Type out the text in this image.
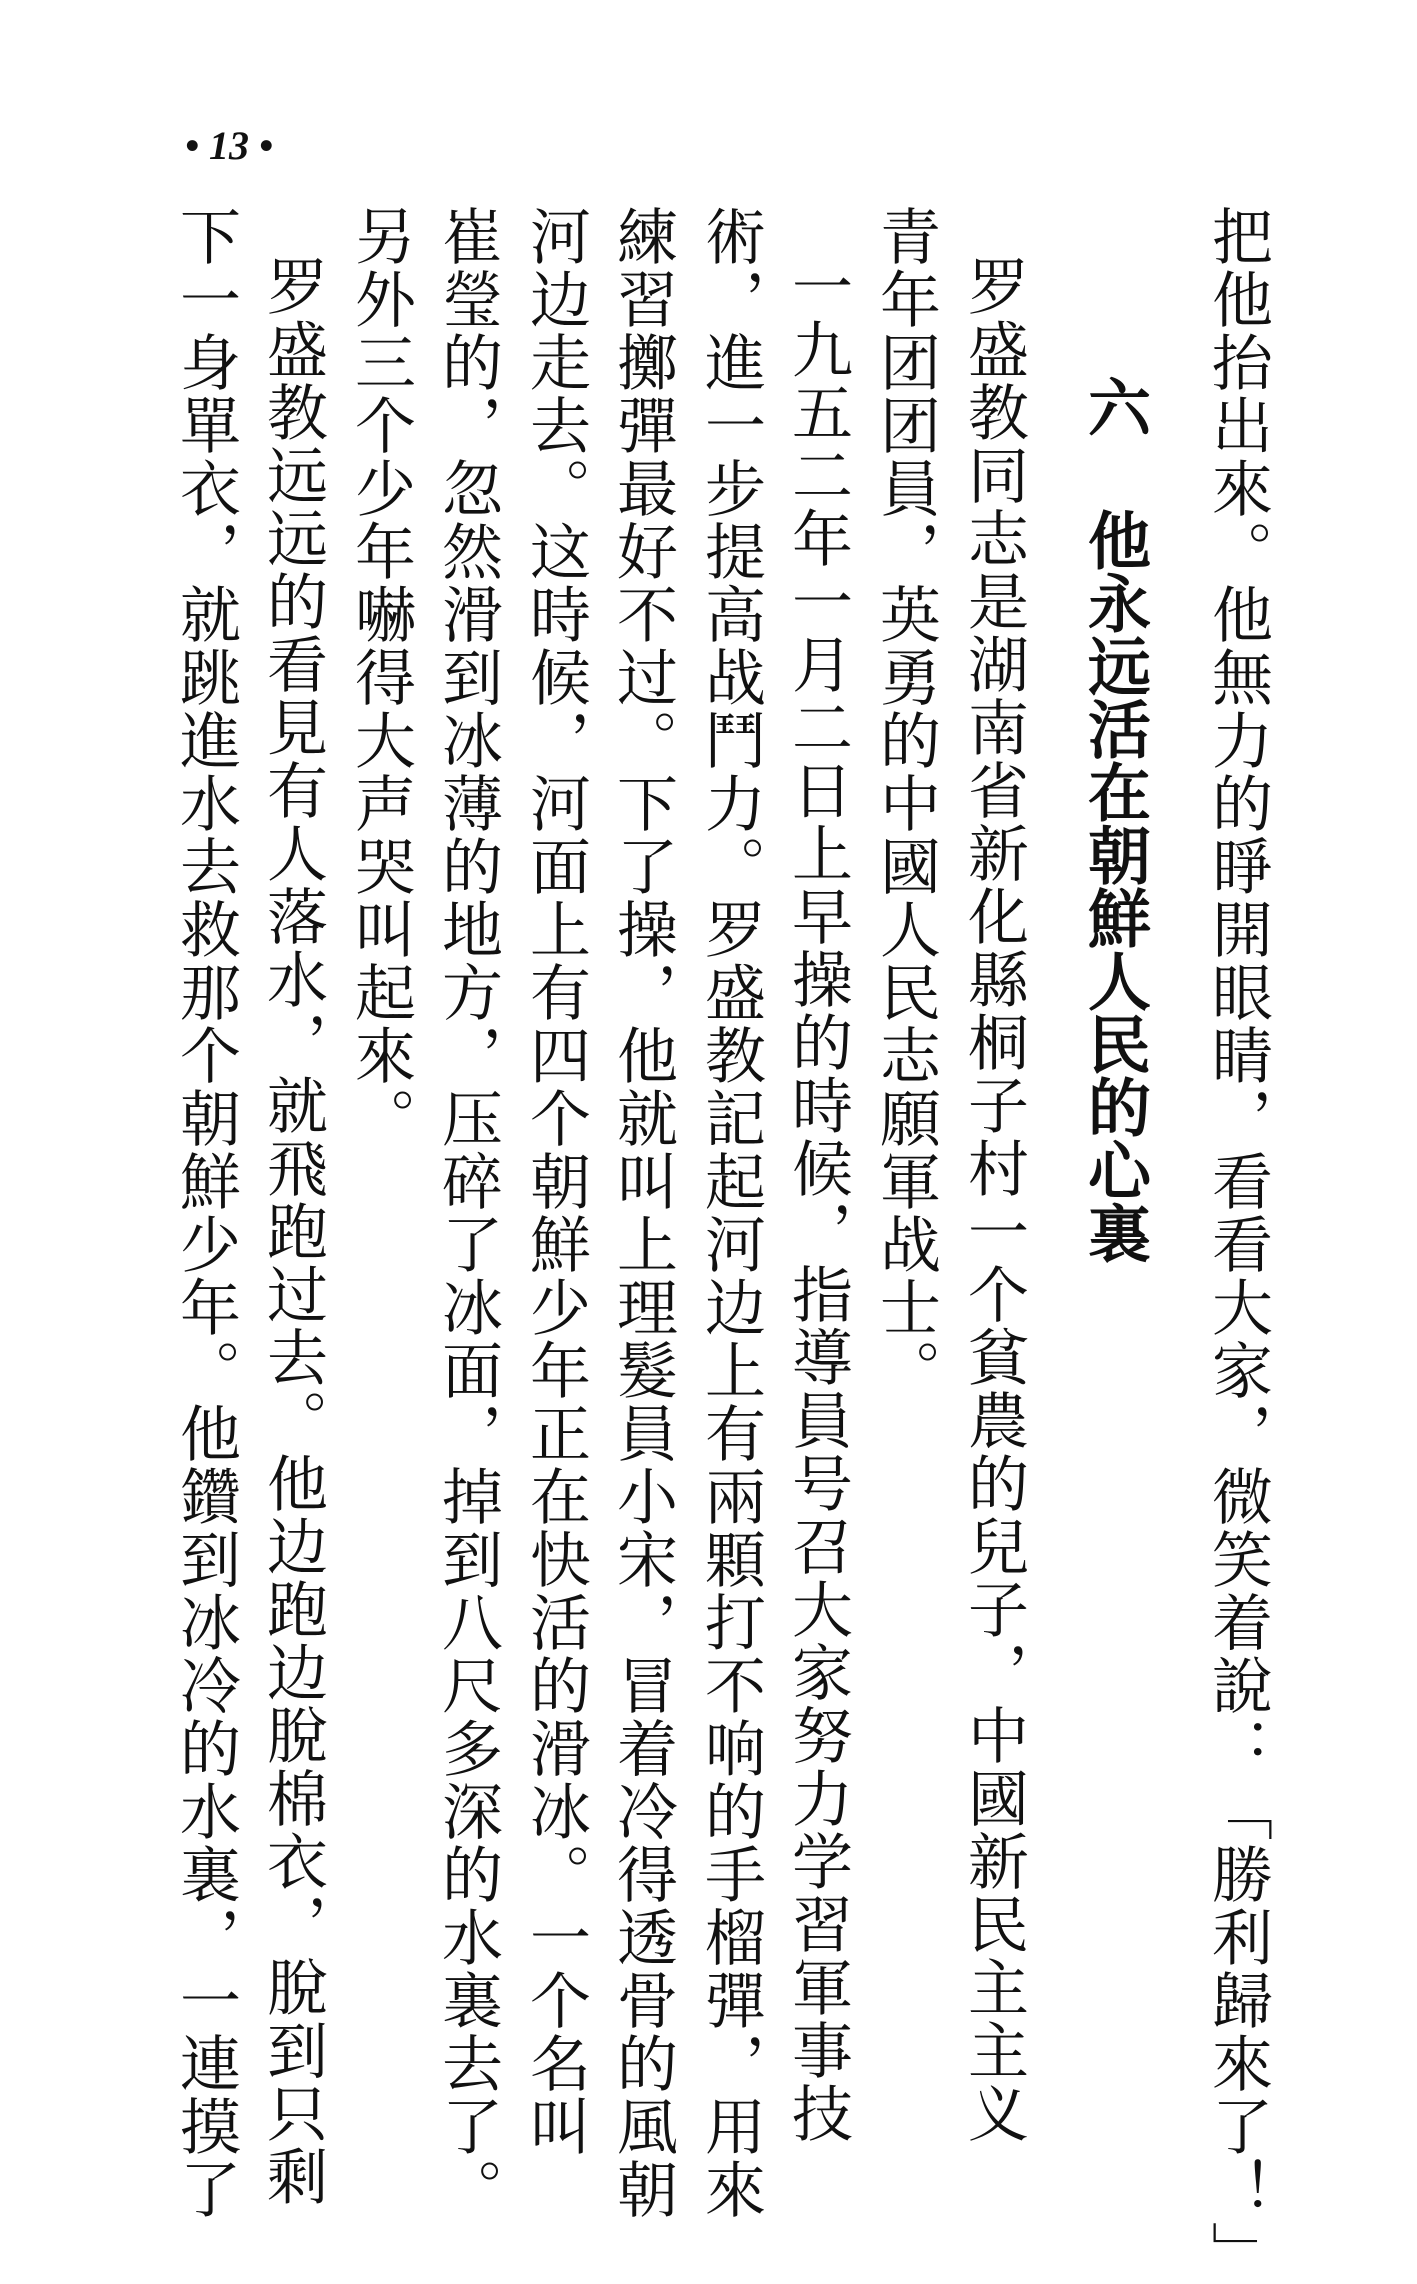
• 13 •
把他抬出來。他無力的睜開眼睛，看看大家，微笑着說：「勝利歸來了！」
六他永远活在朝鮮人民的心裏
罗盛教同志是湖南省新化縣桐子村一个貧農的兒子，中國新民主主义
青年团团員，英勇的中國人民志願軍战士。
一九五二年一月二日上早操的時候，指導員号召大家努力学習軍事技
術，進一步提高战鬥力。罗盛教記起河边上有兩顆打不响的手榴彈，用來
練習擲彈最好不过。下了操，他就叫上理髮員小宋，冒着冷得透骨的風朝
河边走去。这時候，河面上有四个朝鮮少年正在快活的滑冰。一个名叫
崔瑩的，忽然滑到冰薄的地方，压碎了冰面，掉到八尺多深的水裏去了。
另外三个少年嚇得大声哭叫起來。
罗盛教远远的看見有人落水，就飛跑过去。他边跑边脫棉衣，脫到只剩
下一身單衣，就跳進水去救那个朝鮮少年。他鑽到冰冷的水裏，一連摸了
